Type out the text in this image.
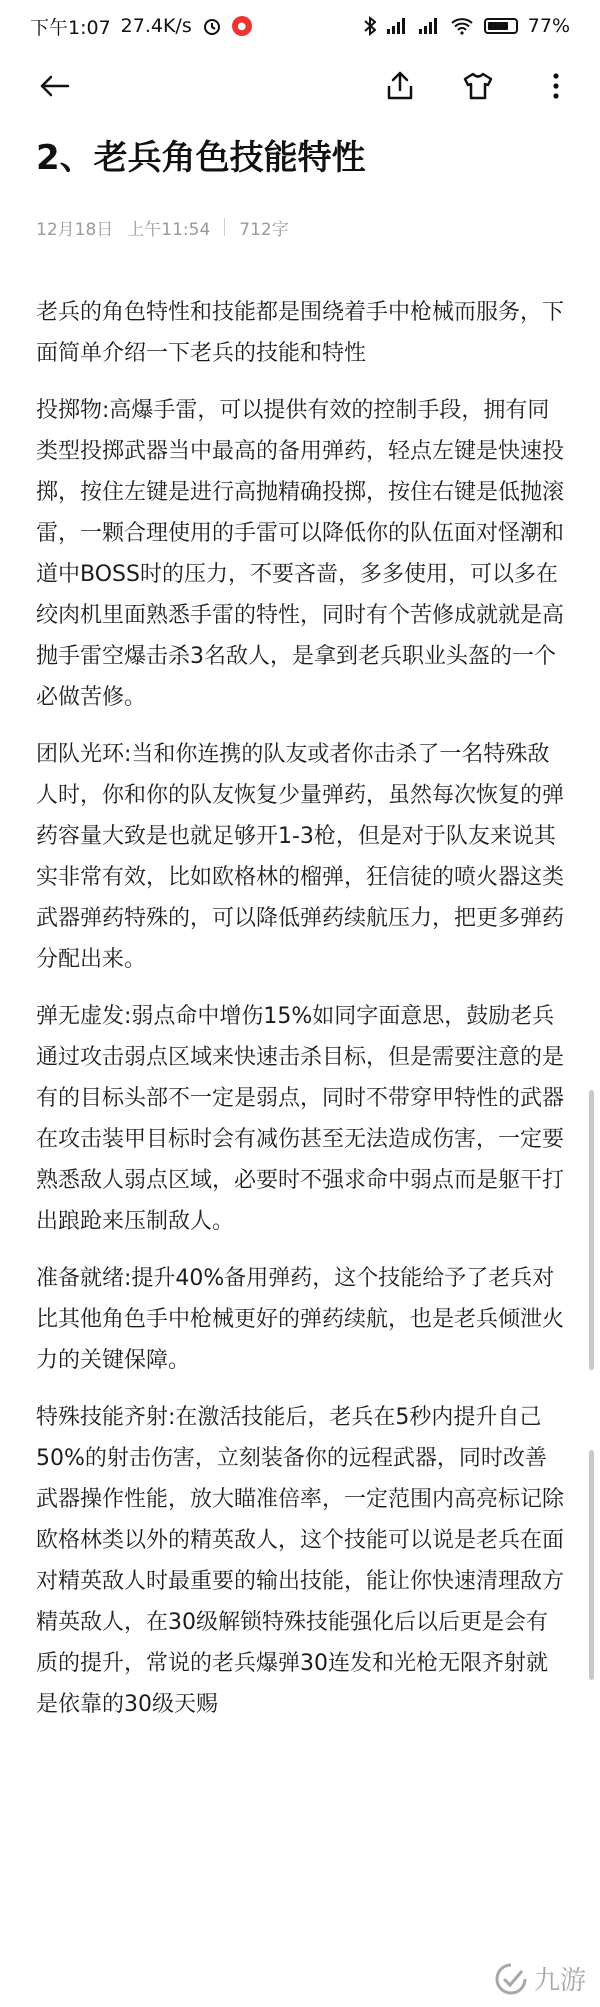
下午1:07 27.4K/s	●	77%
2、老兵角色技能特性
12月18日 上午11:54 712字

老兵的角色特性和技能都是围绕着手中枪械而服务，下面简单介绍一下老兵的技能和特性

投掷物:高爆手雷，可以提供有效的控制手段，拥有同类型投掷武器当中最高的备用弹药，轻点左键是快速投掷，按住左键是进行高抛精确投掷，按住右键是低抛滚雷，一颗合理使用的手雷可以降低你的队伍面对怪潮和道中BOSS时的压力，不要吝啬，多多使用，可以多在绞肉机里面熟悉手雷的特性，同时有个苦修成就就是高抛手雷空爆击杀3名敌人，是拿到老兵职业头盔的一个必做苦修。

团队光环:当和你连携的队友或者你击杀了一名特殊敌人时，你和你的队友恢复少量弹药，虽然每次恢复的弹药容量大致是也就足够开1-3枪，但是对于队友来说其实非常有效，比如欧格林的榴弹，狂信徒的喷火器这类武器弹药特殊的，可以降低弹药续航压力，把更多弹药分配出来。

弹无虚发:弱点命中增伤15%如同字面意思，鼓励老兵通过攻击弱点区域来快速击杀目标，但是需要注意的是有的目标头部不一定是弱点，同时不带穿甲特性的武器在攻击装甲目标时会有减伤甚至无法造成伤害，一定要熟悉敌人弱点区域，必要时不强求命中弱点而是躯干打出踉跄来压制敌人。

准备就绪:提升40%备用弹药，这个技能给予了老兵对比其他角色手中枪械更好的弹药续航，也是老兵倾泄火力的关键保障。

特殊技能齐射:在激活技能后，老兵在5秒内提升自己50%的射击伤害，立刻装备你的远程武器，同时改善武器操作性能，放大瞄准倍率，一定范围内高亮标记除欧格林类以外的精英敌人，这个技能可以说是老兵在面对精英敌人时最重要的输出技能，能让你快速清理敌方精英敌人，在30级解锁特殊技能强化后以后更是会有质的提升，常说的老兵爆弹30连发和光枪无限齐射就是依靠的30级天赐

九游
